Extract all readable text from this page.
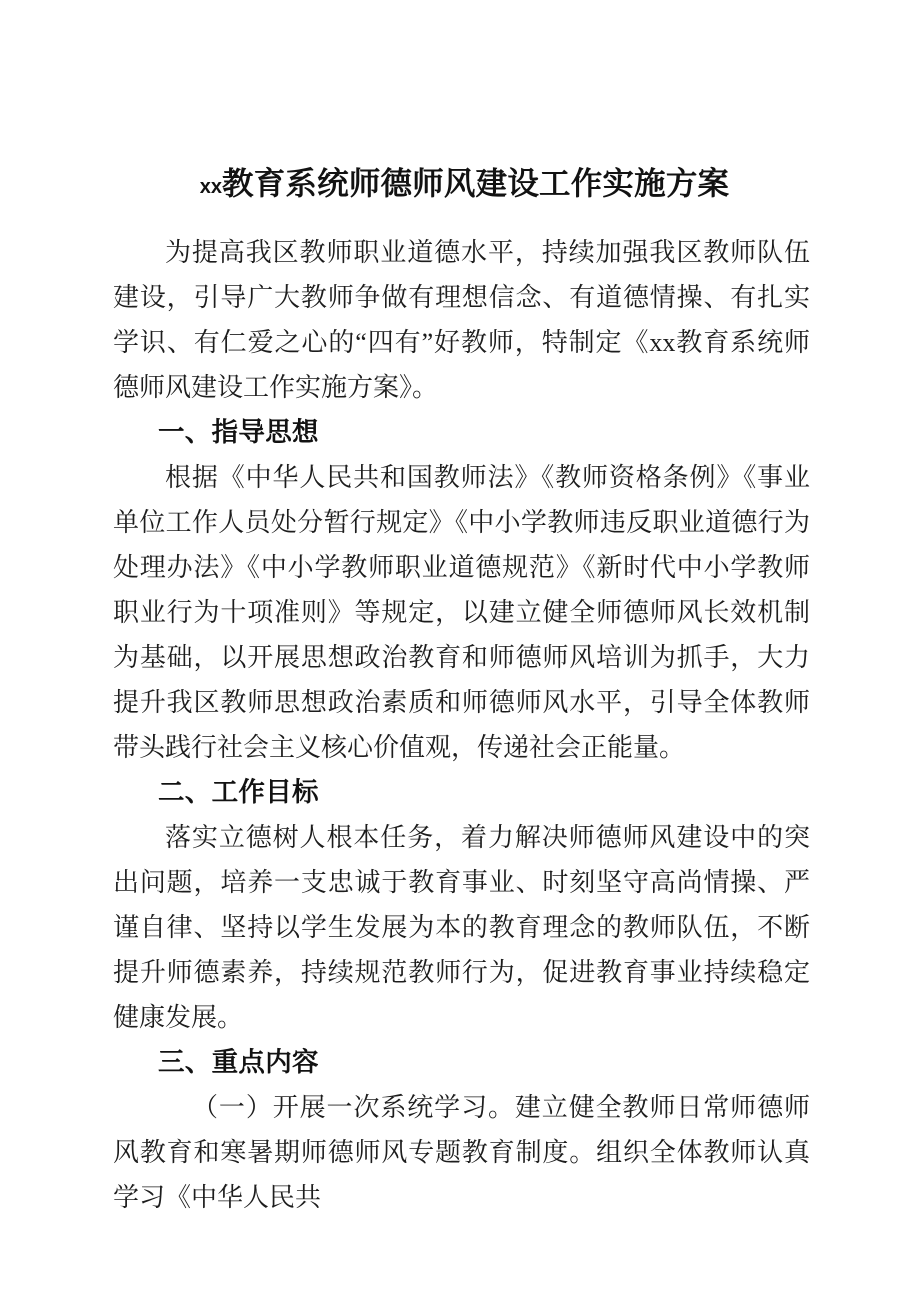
xx教育系统师德师风建设工作实施方案

为提高我区教师职业道德水平，持续加强我区教师队伍建设，引导广大教师争做有理想信念、有道德情操、有扎实学识、有仁爱之心的“四有”好教师，特制定《xx教育系统师德师风建设工作实施方案》。

一、指导思想

根据《中华人民共和国教师法》《教师资格条例》《事业单位工作人员处分暂行规定》《中小学教师违反职业道德行为处理办法》《中小学教师职业道德规范》《新时代中小学教师职业行为十项准则》等规定，以建立健全师德师风长效机制为基础，以开展思想政治教育和师德师风培训为抓手，大力提升我区教师思想政治素质和师德师风水平，引导全体教师带头践行社会主义核心价值观，传递社会正能量。

二、工作目标

落实立德树人根本任务，着力解决师德师风建设中的突出问题，培养一支忠诚于教育事业、时刻坚守高尚情操、严谨自律、坚持以学生发展为本的教育理念的教师队伍，不断提升师德素养，持续规范教师行为，促进教育事业持续稳定健康发展。

三、重点内容

（一）开展一次系统学习。建立健全教师日常师德师风教育和寒暑期师德师风专题教育制度。组织全体教师认真学习《中华人民共
